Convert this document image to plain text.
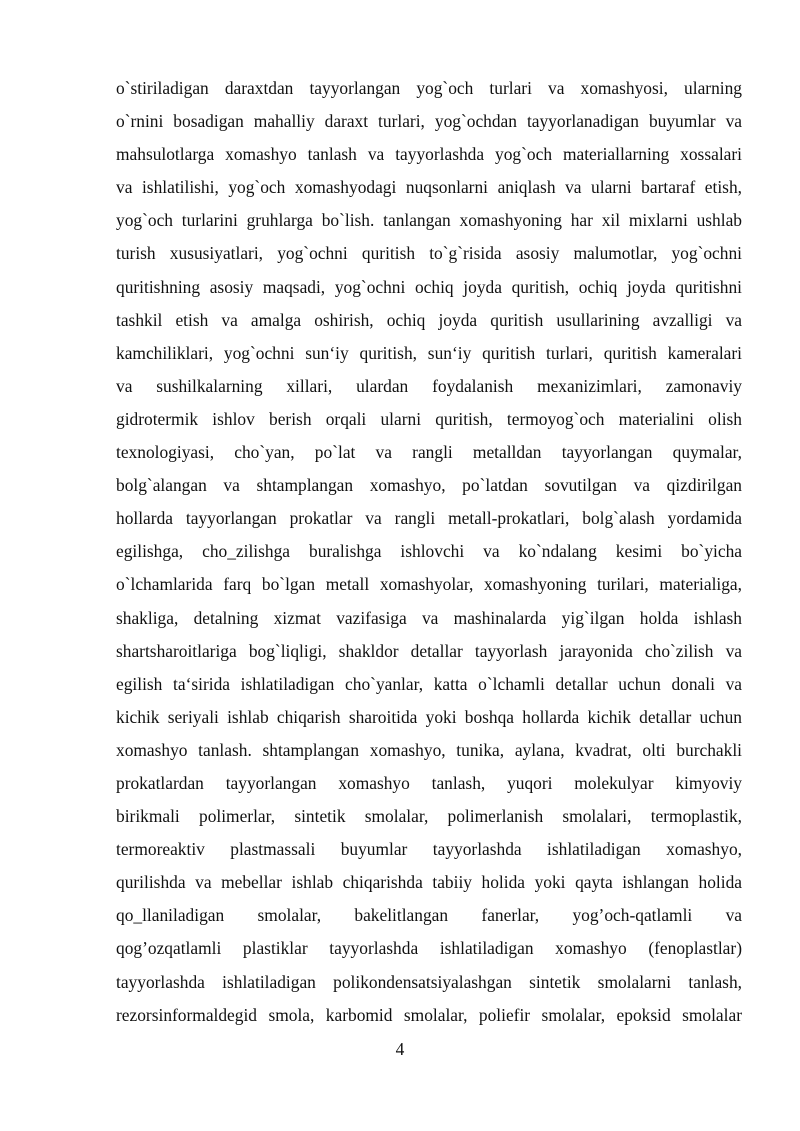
o`stiriladigan daraxtdan tayyorlangan yog`och turlari va xomashyosi, ularning
o`rnini bosadigan mahalliy daraxt turlari, yog`ochdan tayyorlanadigan buyumlar va
mahsulotlarga xomashyo tanlash va tayyorlashda yog`och materiallarning xossalari
va ishlatilishi, yog`och xomashyodagi nuqsonlarni aniqlash va ularni bartaraf etish,
yog`och turlarini gruhlarga bo`lish. tanlangan xomashyoning har xil mixlarni ushlab
turish xususiyatlari, yog`ochni quritish to`g`risida asosiy malumotlar, yog`ochni
quritishning asosiy maqsadi, yog`ochni ochiq joyda quritish, ochiq joyda quritishni
tashkil etish va amalga oshirish, ochiq joyda quritish usullarining avzalligi va
kamchiliklari, yog`ochni sun‘iy quritish, sun‘iy quritish turlari, quritish kameralari
va sushilkalarning xillari, ulardan foydalanish mexanizimlari, zamonaviy
gidrotermik ishlov berish orqali ularni quritish, termoyog`och materialini olish
texnologiyasi, cho`yan, po`lat va rangli metalldan tayyorlangan quymalar,
bolg`alangan va shtamplangan xomashyo, po`latdan sovutilgan va qizdirilgan
hollarda tayyorlangan prokatlar va rangli metall-prokatlari, bolg`alash yordamida
egilishga, cho_zilishga buralishga ishlovchi va ko`ndalang kesimi bo`yicha
o`lchamlarida farq bo`lgan metall xomashyolar, xomashyoning turilari, materialiga,
shakliga, detalning xizmat vazifasiga va mashinalarda yig`ilgan holda ishlash
shartsharoitlariga bog`liqligi, shakldor detallar tayyorlash jarayonida cho`zilish va
egilish ta‘sirida ishlatiladigan cho`yanlar, katta o`lchamli detallar uchun donali va
kichik seriyali ishlab chiqarish sharoitida yoki boshqa hollarda kichik detallar uchun
xomashyo tanlash. shtamplangan xomashyo, tunika, aylana, kvadrat, olti burchakli
prokatlardan tayyorlangan xomashyo tanlash, yuqori molekulyar kimyoviy
birikmali polimerlar, sintetik smolalar, polimerlanish smolalari, termoplastik,
termoreaktiv plastmassali buyumlar tayyorlashda ishlatiladigan xomashyo,
qurilishda va mebellar ishlab chiqarishda tabiiy holida yoki qayta ishlangan holida
qo_llaniladigan smolalar, bakelitlangan fanerlar, yog’och-qatlamli va
qog’ozqatlamli plastiklar tayyorlashda ishlatiladigan xomashyo (fenoplastlar)
tayyorlashda ishlatiladigan polikondensatsiyalashgan sintetik smolalarni tanlash,
rezorsinformaldegid smola, karbomid smolalar, poliefir smolalar, epoksid smolalar
4
